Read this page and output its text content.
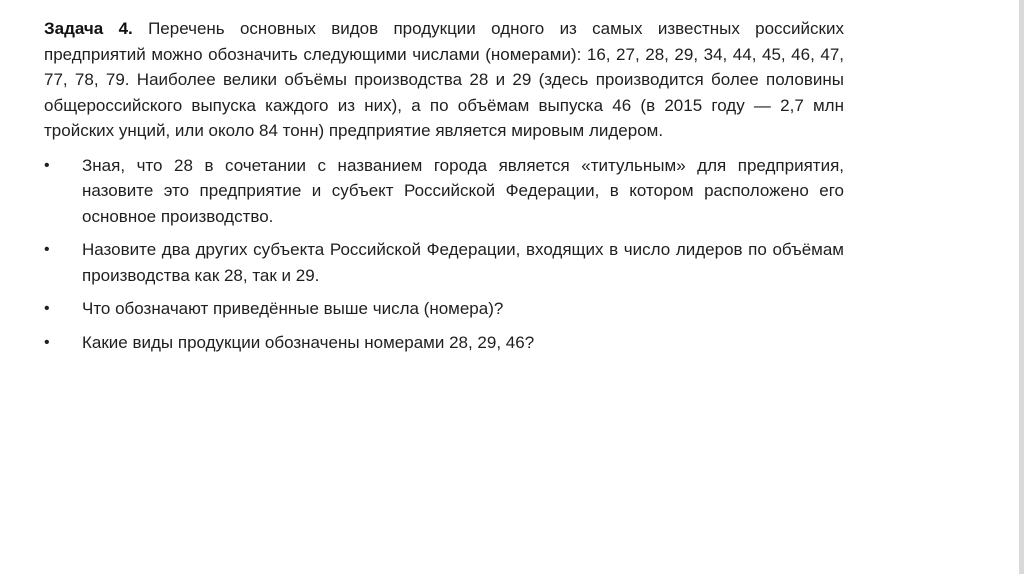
Задача 4. Перечень основных видов продукции одного из самых известных российских предприятий можно обозначить следующими числами (номерами): 16, 27, 28, 29, 34, 44, 45, 46, 47, 77, 78, 79. Наиболее велики объёмы производства 28 и 29 (здесь производится более половины общероссийского выпуска каждого из них), а по объёмам выпуска 46 (в 2015 году — 2,7 млн тройских унций, или около 84 тонн) предприятие является мировым лидером.

•	Зная, что 28 в сочетании с названием города является «титульным» для предприятия, назовите это предприятие и субъект Российской Федерации, в котором расположено его основное производство.
•	Назовите два других субъекта Российской Федерации, входящих в число лидеров по объёмам производства как 28, так и 29.
•	Что обозначают приведённые выше числа (номера)?
•	Какие виды продукции обозначены номерами 28, 29, 46?
